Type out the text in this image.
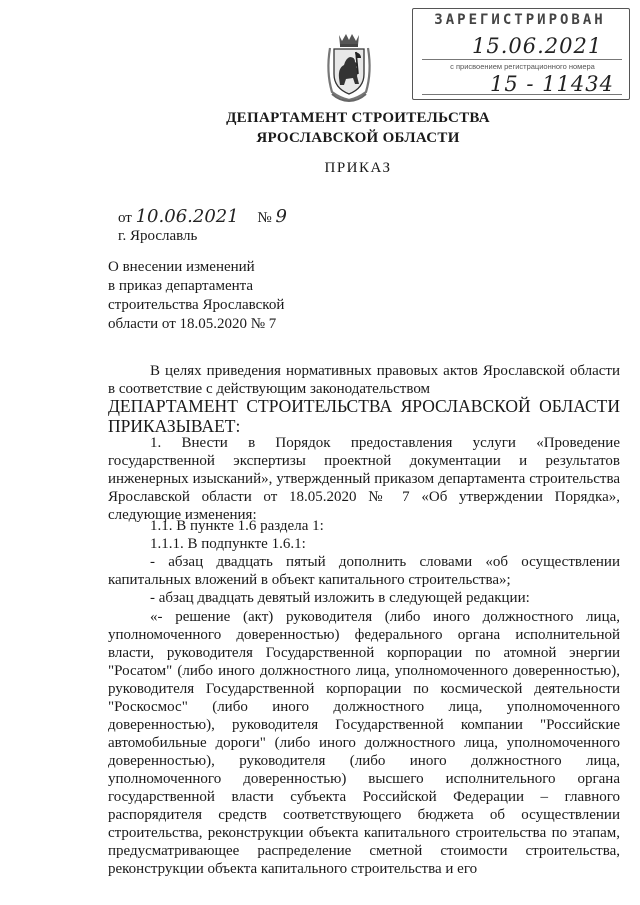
ЗАРЕГИСТРИРОВАН
15.06.2021
с присвоением регистрационного номера
15 - 11434
ДЕПАРТАМЕНТ СТРОИТЕЛЬСТВА
ЯРОСЛАВСКОЙ ОБЛАСТИ
ПРИКАЗ
от 10.06.2021 № 9
г. Ярославль
О внесении изменений
в приказ департамента
строительства Ярославской
области от 18.05.2020 № 7
В целях приведения нормативных правовых актов Ярославской области в соответствие с действующим законодательством
ДЕПАРТАМЕНТ СТРОИТЕЛЬСТВА ЯРОСЛАВСКОЙ ОБЛАСТИ ПРИКАЗЫВАЕТ:
1. Внести в Порядок предоставления услуги «Проведение государственной экспертизы проектной документации и результатов инженерных изысканий», утвержденный приказом департамента строительства Ярославской области от 18.05.2020 № 7 «Об утверждении Порядка», следующие изменения:
1.1. В пункте 1.6 раздела 1:
1.1.1. В подпункте 1.6.1:
- абзац двадцать пятый дополнить словами «об осуществлении капитальных вложений в объект капитального строительства»;
- абзац двадцать девятый изложить в следующей редакции:
«- решение (акт) руководителя (либо иного должностного лица, уполномоченного доверенностью) федерального органа исполнительной власти, руководителя Государственной корпорации по атомной энергии "Росатом" (либо иного должностного лица, уполномоченного доверенностью), руководителя Государственной корпорации по космической деятельности "Роскосмос" (либо иного должностного лица, уполномоченного доверенностью), руководителя Государственной компании "Российские автомобильные дороги" (либо иного должностного лица, уполномоченного доверенностью), руководителя (либо иного должностного лица, уполномоченного доверенностью) высшего исполнительного органа государственной власти субъекта Российской Федерации – главного распорядителя средств соответствующего бюджета об осуществлении строительства, реконструкции объекта капитального строительства по этапам, предусматривающее распределение сметной стоимости строительства, реконструкции объекта капитального строительства и его
